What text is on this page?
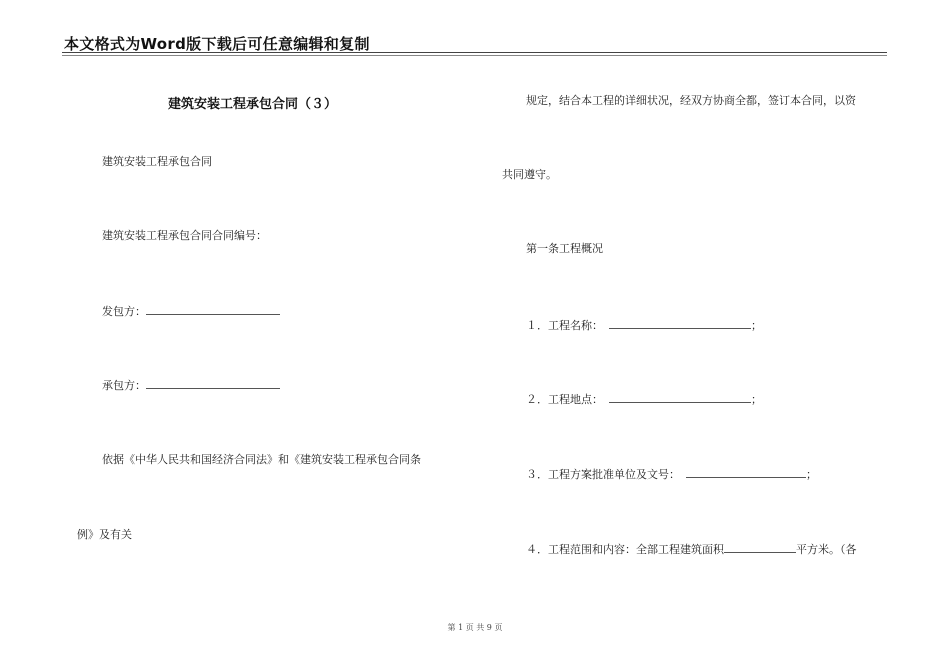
本文格式为Word版下载后可任意编辑和复制
建筑安装工程承包合同（３）
建筑安装工程承包合同
建筑安装工程承包合同合同编号：
发包方：
承包方：
依据《中华人民共和国经济合同法》和《建筑安装工程承包合同条
例》及有关
规定，结合本工程的详细状况，经双方协商全都，签订本合同，以资
共同遵守。
第一条工程概况
１．工程名称：	；
２．工程地点：	；
３．工程方案批准单位及文号：	；
４．工程范围和内容：全部工程建筑面积	平方米。（各
第 1 页 共 9 页
